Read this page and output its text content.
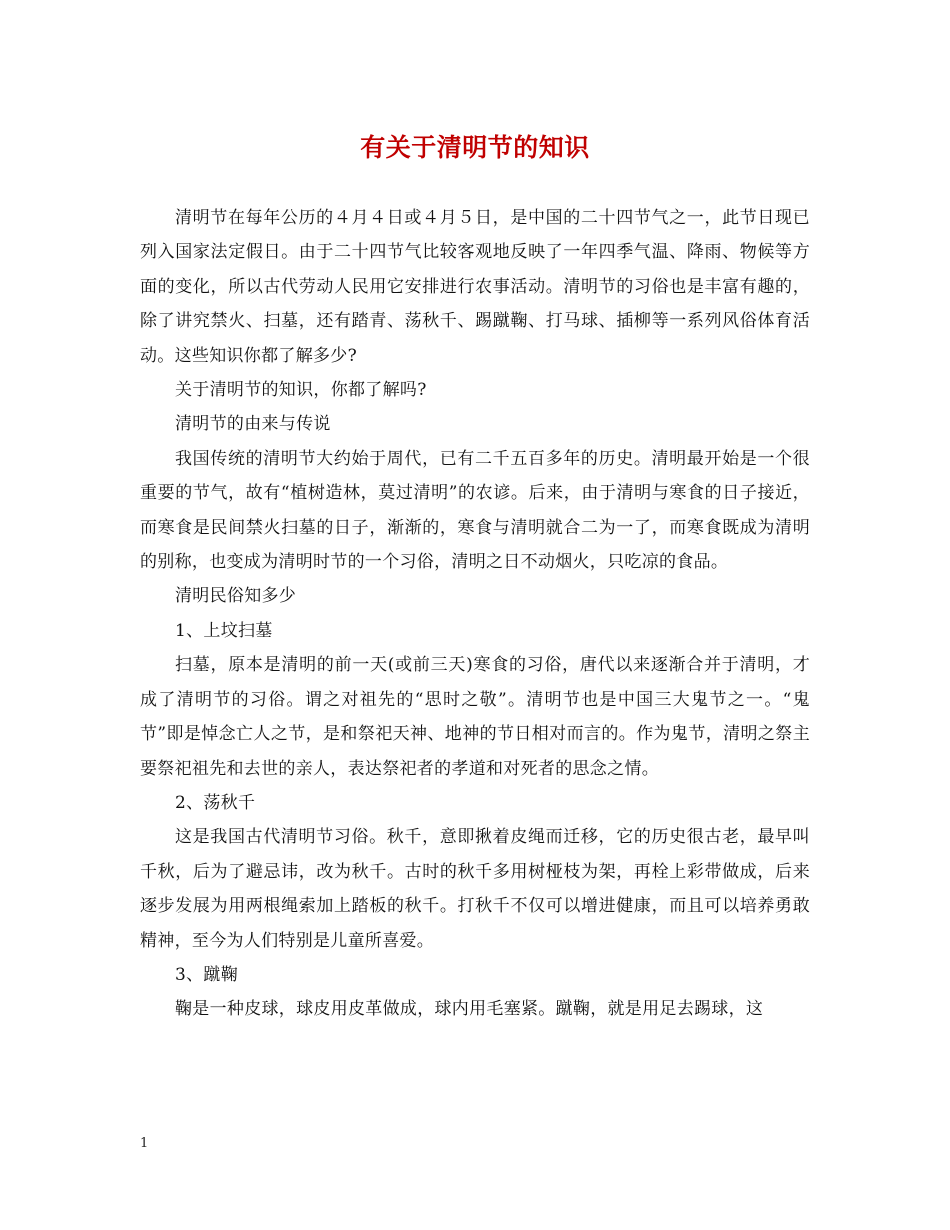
有关于清明节的知识

清明节在每年公历的４月４日或４月５日，是中国的二十四节气之一，此节日现已列入国家法定假日。由于二十四节气比较客观地反映了一年四季气温、降雨、物候等方面的变化，所以古代劳动人民用它安排进行农事活动。清明节的习俗也是丰富有趣的，除了讲究禁火、扫墓，还有踏青、荡秋千、踢蹴鞠、打马球、插柳等一系列风俗体育活动。这些知识你都了解多少?

关于清明节的知识，你都了解吗?

清明节的由来与传说

我国传统的清明节大约始于周代，已有二千五百多年的历史。清明最开始是一个很重要的节气，故有“植树造林，莫过清明”的农谚。后来，由于清明与寒食的日子接近，而寒食是民间禁火扫墓的日子，渐渐的，寒食与清明就合二为一了，而寒食既成为清明的别称，也变成为清明时节的一个习俗，清明之日不动烟火，只吃凉的食品。

清明民俗知多少

1、上坟扫墓

扫墓，原本是清明的前一天(或前三天)寒食的习俗，唐代以来逐渐合并于清明，才成了清明节的习俗。谓之对祖先的“思时之敬”。清明节也是中国三大鬼节之一。“鬼节”即是悼念亡人之节，是和祭祀天神、地神的节日相对而言的。作为鬼节，清明之祭主要祭祀祖先和去世的亲人，表达祭祀者的孝道和对死者的思念之情。

2、荡秋千

这是我国古代清明节习俗。秋千，意即揪着皮绳而迁移，它的历史很古老，最早叫千秋，后为了避忌讳，改为秋千。古时的秋千多用树桠枝为架，再栓上彩带做成，后来逐步发展为用两根绳索加上踏板的秋千。打秋千不仅可以增进健康，而且可以培养勇敢精神，至今为人们特别是儿童所喜爱。

3、蹴鞠

鞠是一种皮球，球皮用皮革做成，球内用毛塞紧。蹴鞠，就是用足去踢球，这

1
